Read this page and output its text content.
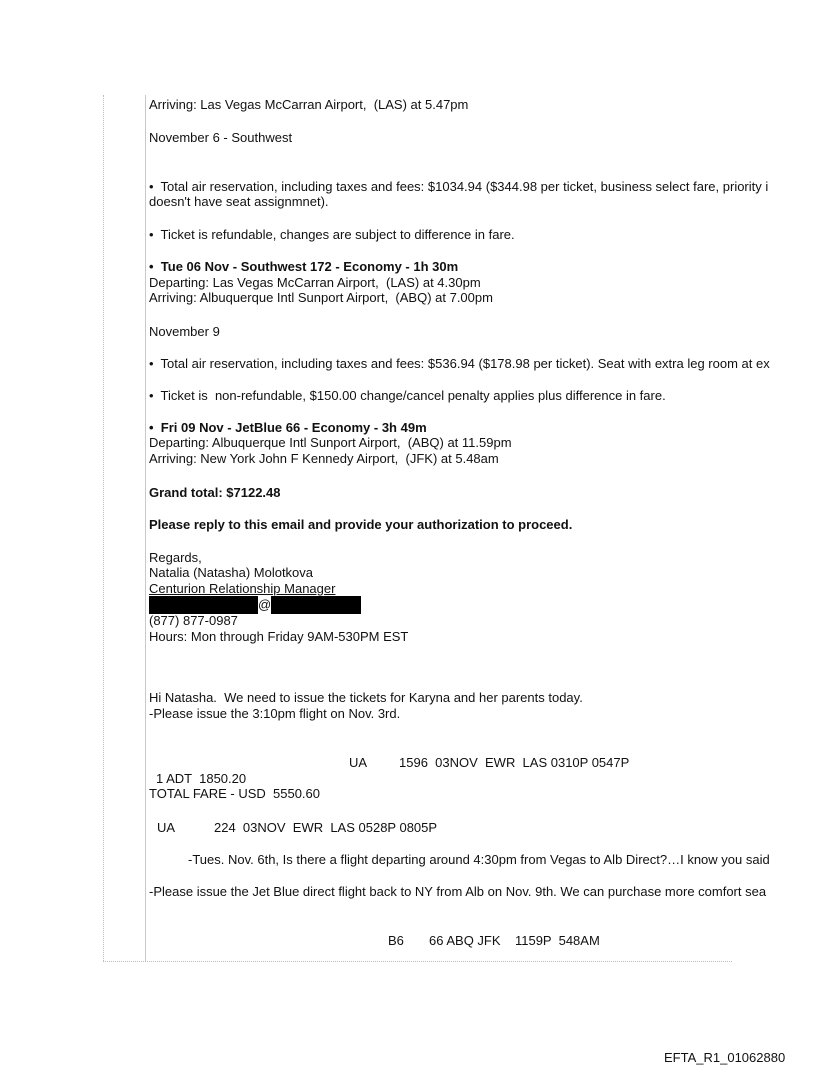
Arriving: Las Vegas McCarran Airport,  (LAS) at 5.47pm
November 6 - Southwest
•  Total air reservation, including taxes and fees: $1034.94 ($344.98 per ticket, business select fare, priority i
doesn't have seat assignmnet).
•  Ticket is refundable, changes are subject to difference in fare.
•  Tue 06 Nov - Southwest 172 - Economy - 1h 30m
Departing: Las Vegas McCarran Airport,  (LAS) at 4.30pm
Arriving: Albuquerque Intl Sunport Airport,  (ABQ) at 7.00pm
November 9
•  Total air reservation, including taxes and fees: $536.94 ($178.98 per ticket). Seat with extra leg room at ex
•  Ticket is  non-refundable, $150.00 change/cancel penalty applies plus difference in fare.
•  Fri 09 Nov - JetBlue 66 - Economy - 3h 49m
Departing: Albuquerque Intl Sunport Airport,  (ABQ) at 11.59pm
Arriving: New York John F Kennedy Airport,  (JFK) at 5.48am
Grand total: $7122.48
Please reply to this email and provide your authorization to proceed.
Regards,
Natalia (Natasha) Molotkova
Centurion Relationship Manager
@
(877) 877-0987
Hours: Mon through Friday 9AM-530PM EST
Hi Natasha.  We need to issue the tickets for Karyna and her parents today.
-Please issue the 3:10pm flight on Nov. 3rd.
UA 1596  03NOV  EWR  LAS 0310P 0547P
1 ADT  1850.20
TOTAL FARE - USD  5550.60
UA	224  03NOV  EWR  LAS 0528P 0805P
-Tues. Nov. 6th, Is there a flight departing around 4:30pm from Vegas to Alb Direct?…I know you said
-Please issue the Jet Blue direct flight back to NY from Alb on Nov. 9th. We can purchase more comfort sea
B6 66 ABQ JFK    1159P  548AM
EFTA_R1_01062880
